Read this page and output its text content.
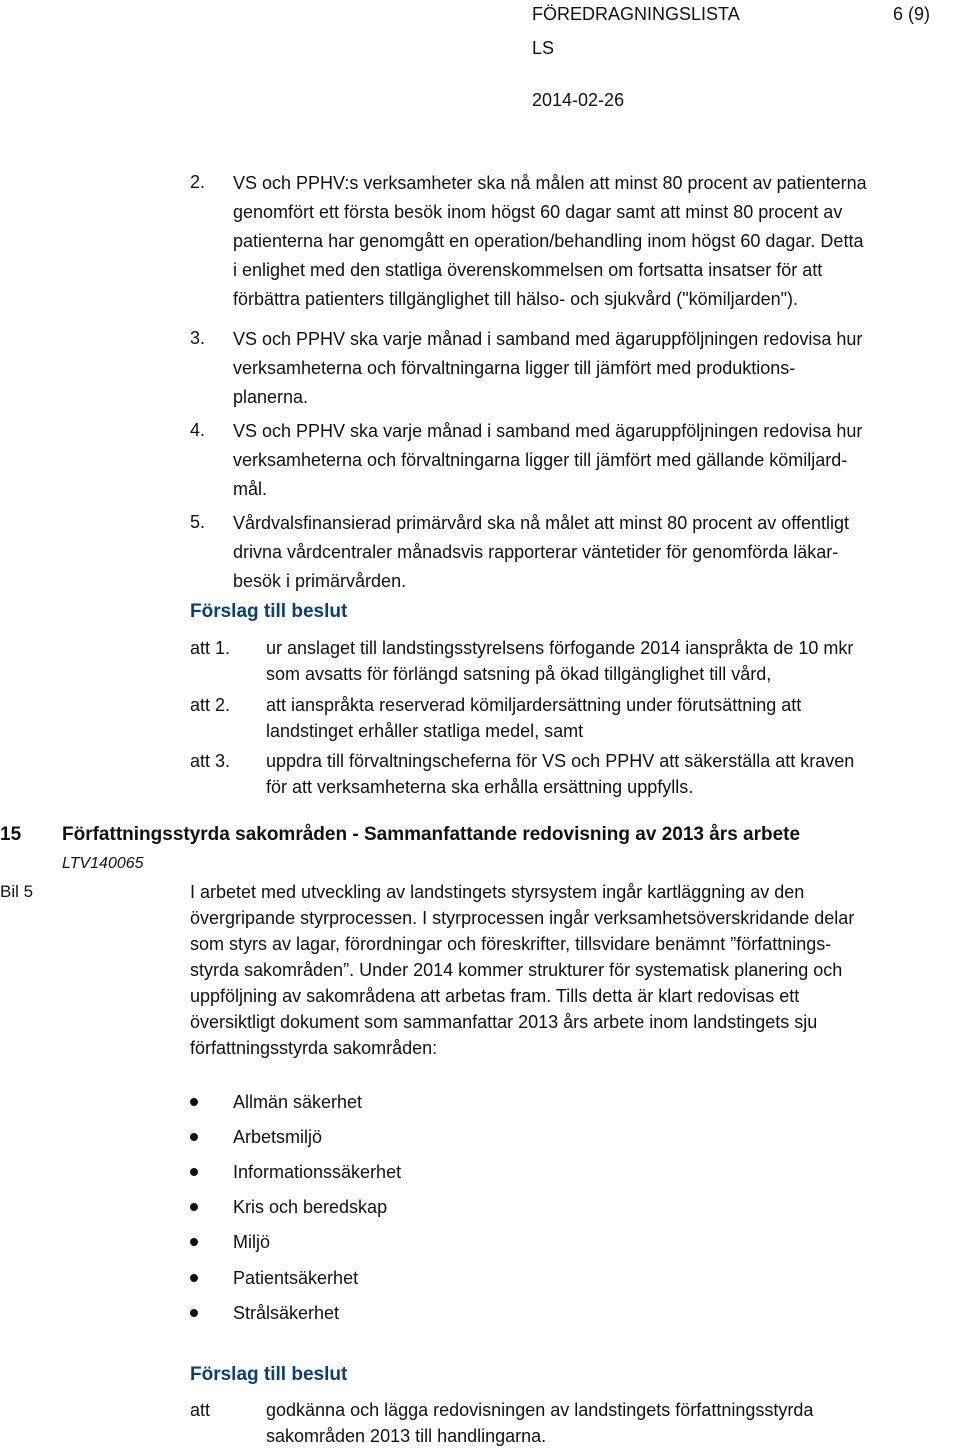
FÖREDRAGNINGSLISTA	6 (9)
LS
2014-02-26
2.	VS och PPHV:s verksamheter ska nå målen att minst 80 procent av patienterna
genomfört ett första besök inom högst 60 dagar samt att minst 80 procent av
patienterna har genomgått en operation/behandling inom högst 60 dagar. Detta
i enlighet med den statliga överenskommelsen om fortsatta insatser för att
förbättra patienters tillgänglighet till hälso- och sjukvård ("kömiljarden").
3.	VS och PPHV ska varje månad i samband med ägaruppföljningen redovisa hur
verksamheterna och förvaltningarna ligger till jämfört med produktions-
planerna.
4.	VS och PPHV ska varje månad i samband med ägaruppföljningen redovisa hur
verksamheterna och förvaltningarna ligger till jämfört med gällande kömiljard-
mål.
5.	Vårdvalsfinansierad primärvård ska nå målet att minst 80 procent av offentligt
drivna vårdcentraler månadsvis rapporterar väntetider för genomförda läkar-
besök i primärvården.
Förslag till beslut
att 1. ur anslaget till landstingsstyrelsens förfogande 2014 ianspråkta de 10 mkr
som avsatts för förlängd satsning på ökad tillgänglighet till vård,
att 2. att ianspråkta reserverad kömiljardersättning under förutsättning att
landstinget erhåller statliga medel, samt
att 3. uppdra till förvaltningscheferna för VS och PPHV att säkerställa att kraven
för att verksamheterna ska erhålla ersättning uppfylls.
15 Författningsstyrda sakområden - Sammanfattande redovisning av 2013 års arbete
LTV140065
Bil 5	I arbetet med utveckling av landstingets styrsystem ingår kartläggning av den
övergripande styrprocessen. I styrprocessen ingår verksamhetsöverskridande delar
som styrs av lagar, förordningar och föreskrifter, tillsvidare benämnt ”författnings-
styrda sakområden”. Under 2014 kommer strukturer för systematisk planering och
uppföljning av sakområdena att arbetas fram. Tills detta är klart redovisas ett
översiktligt dokument som sammanfattar 2013 års arbete inom landstingets sju
författningsstyrda sakområden:
Allmän säkerhet
Arbetsmiljö
Informationssäkerhet
Kris och beredskap
Miljö
Patientsäkerhet
Strålsäkerhet
Förslag till beslut
att	godkänna och lägga redovisningen av landstingets författningsstyrda
sakområden 2013 till handlingarna.
